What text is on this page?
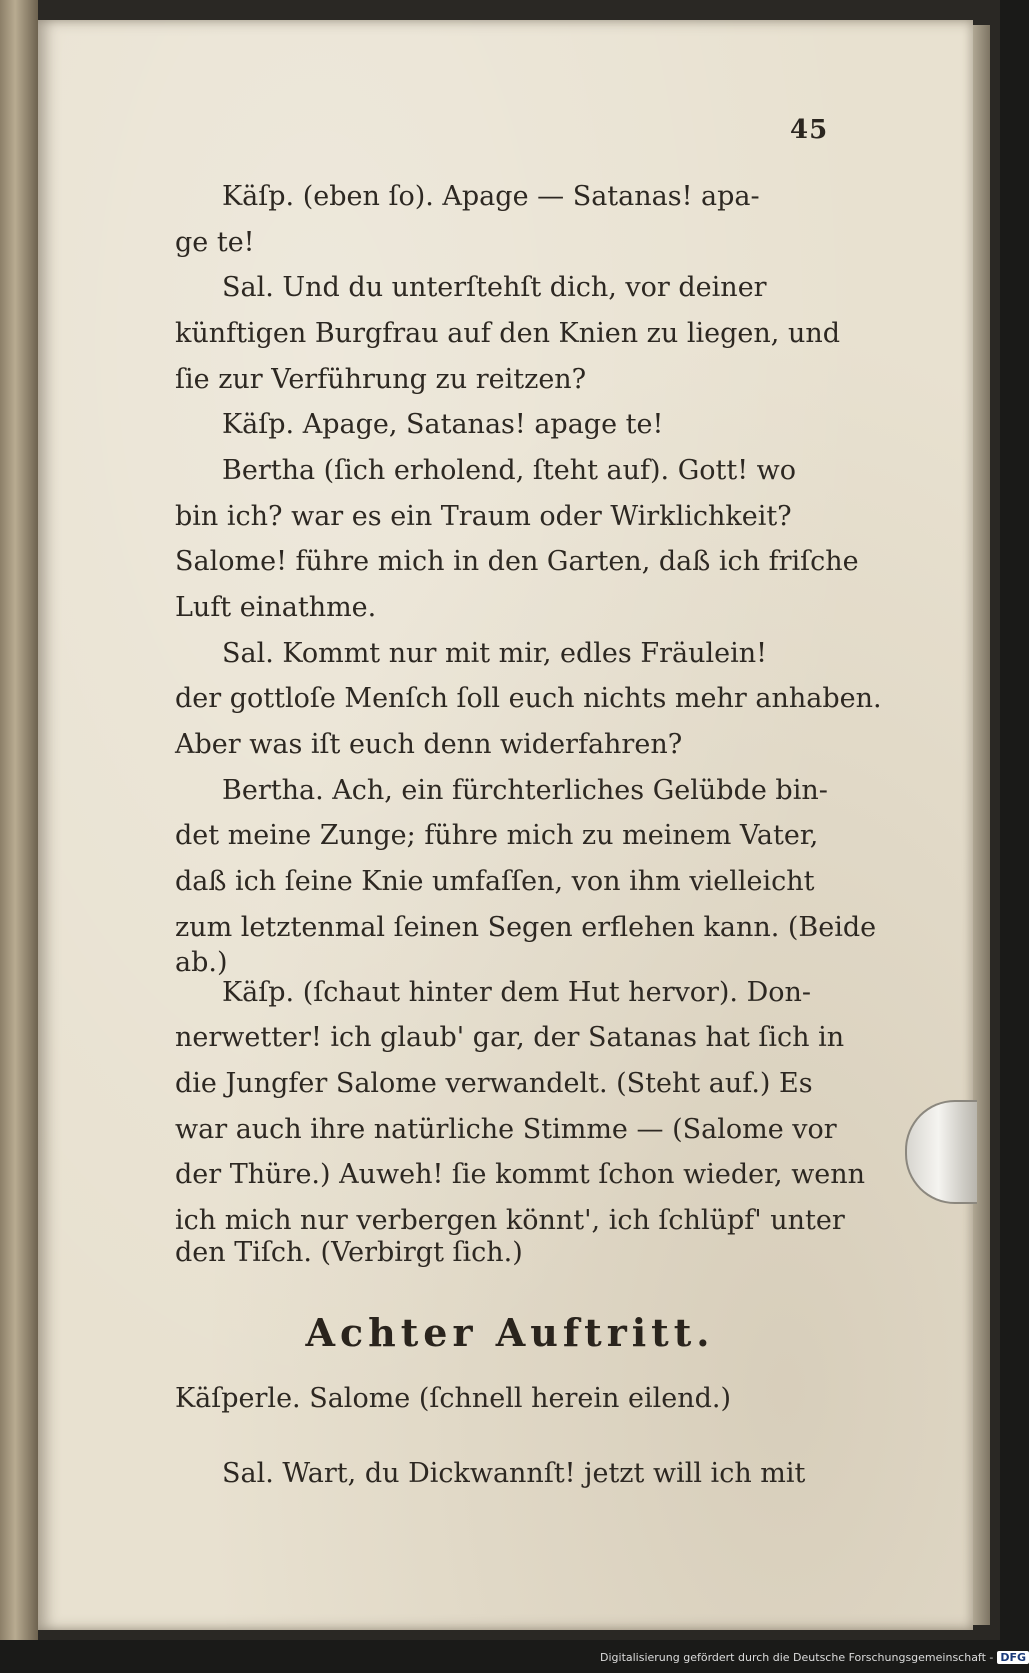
45

Käſp. (eben ſo). Apage — Satanas! apa-

ge te!

Sal. Und du unterſtehſt dich, vor deiner

künftigen Burgfrau auf den Knien zu liegen, und

ſie zur Verführung zu reitzen?

Käſp. Apage, Satanas! apage te!

Bertha (ſich erholend, ſteht auf). Gott! wo

bin ich? war es ein Traum oder Wirklichkeit?

Salome! führe mich in den Garten, daß ich friſche

Luft einathme.

Sal. Kommt nur mit mir, edles Fräulein!

der gottloſe Menſch ſoll euch nichts mehr anhaben.

Aber was iſt euch denn widerfahren?

Bertha. Ach, ein fürchterliches Gelübde bin-

det meine Zunge; führe mich zu meinem Vater,

daß ich ſeine Knie umfaſſen, von ihm vielleicht

zum letztenmal ſeinen Segen erflehen kann. (Beide

ab.)

Käſp. (ſchaut hinter dem Hut hervor). Don-

nerwetter! ich glaub' gar, der Satanas hat ſich in

die Jungfer Salome verwandelt. (Steht auf.) Es

war auch ihre natürliche Stimme — (Salome vor

der Thüre.) Auweh! ſie kommt ſchon wieder, wenn

ich mich nur verbergen könnt', ich ſchlüpf' unter

den Tiſch. (Verbirgt ſich.)

Achter Auftritt.

Käſperle. Salome (ſchnell herein eilend.)

Sal. Wart, du Dickwannſt! jetzt will ich mit

Digitalisierung gefördert durch die Deutsche Forschungsgemeinschaft - DFG
